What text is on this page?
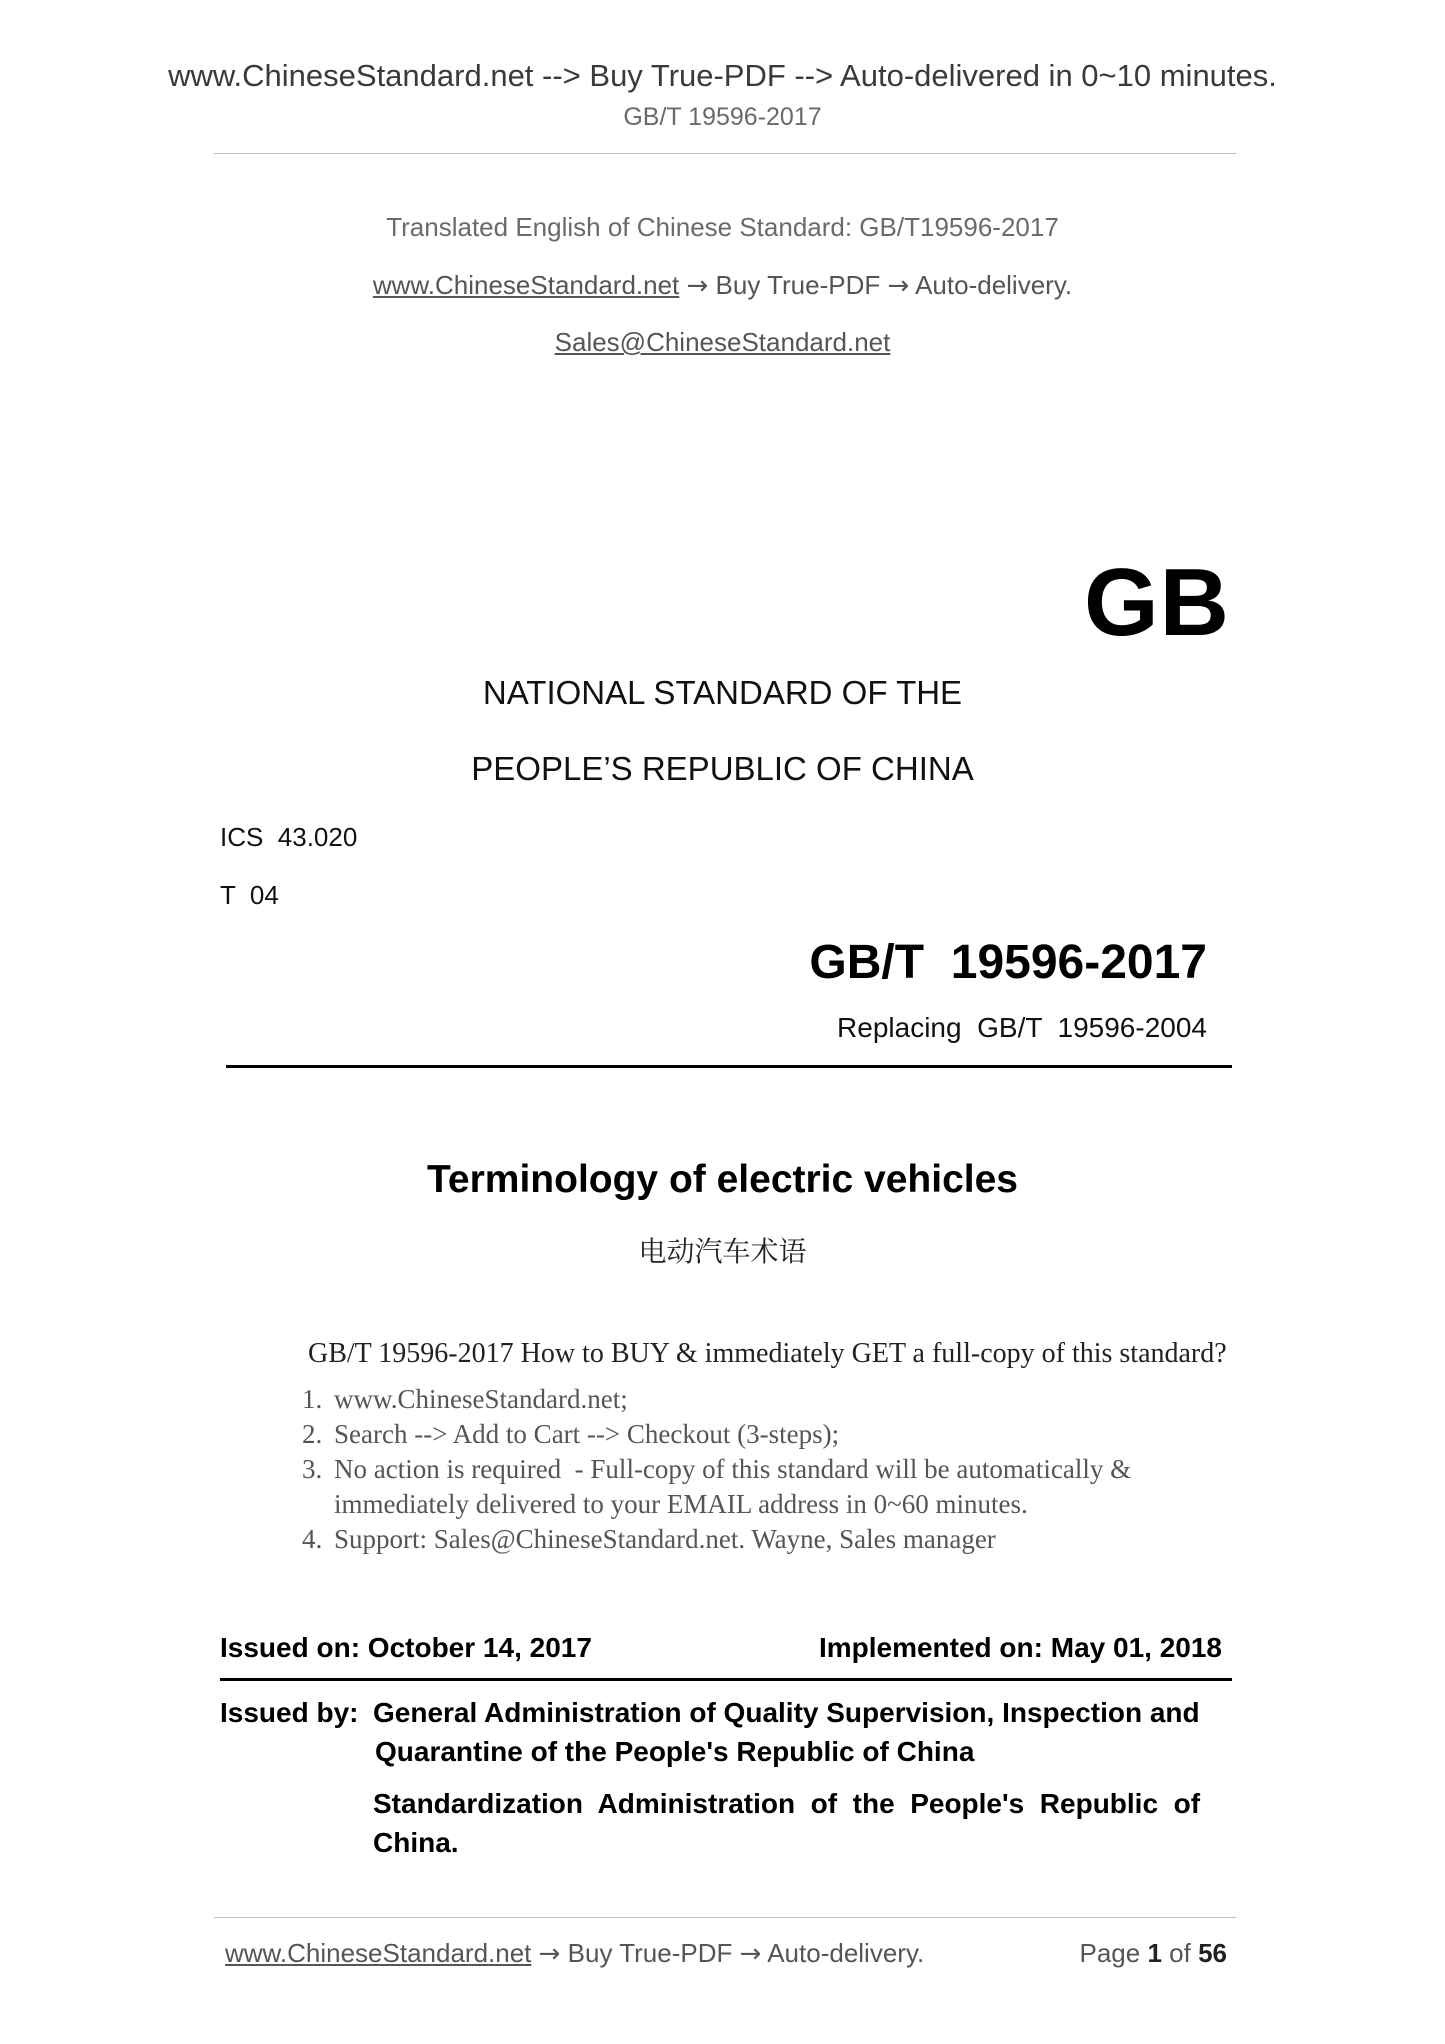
www.ChineseStandard.net --> Buy True-PDF --> Auto-delivered in 0~10 minutes.
GB/T 19596-2017
Translated English of Chinese Standard: GB/T19596-2017
www.ChineseStandard.net → Buy True-PDF → Auto-delivery.
Sales@ChineseStandard.net
GB
NATIONAL STANDARD OF THE
PEOPLE’S REPUBLIC OF CHINA
ICS  43.020
T  04
GB/T  19596-2017
Replacing  GB/T  19596-2004
Terminology of electric vehicles
电动汽车术语
GB/T 19596-2017 How to BUY & immediately GET a full-copy of this standard?
1. www.ChineseStandard.net;
2. Search --> Add to Cart --> Checkout (3-steps);
3. No action is required  - Full-copy of this standard will be automatically &
immediately delivered to your EMAIL address in 0~60 minutes.
4. Support: Sales@ChineseStandard.net. Wayne, Sales manager
Issued on: October 14, 2017	Implemented on: May 01, 2018
Issued by: General Administration of Quality Supervision, Inspection and
Quarantine of the People's Republic of China
Standardization  Administration  of  the  People's  Republic  of
China.
www.ChineseStandard.net → Buy True-PDF → Auto-delivery.	Page 1 of 56
